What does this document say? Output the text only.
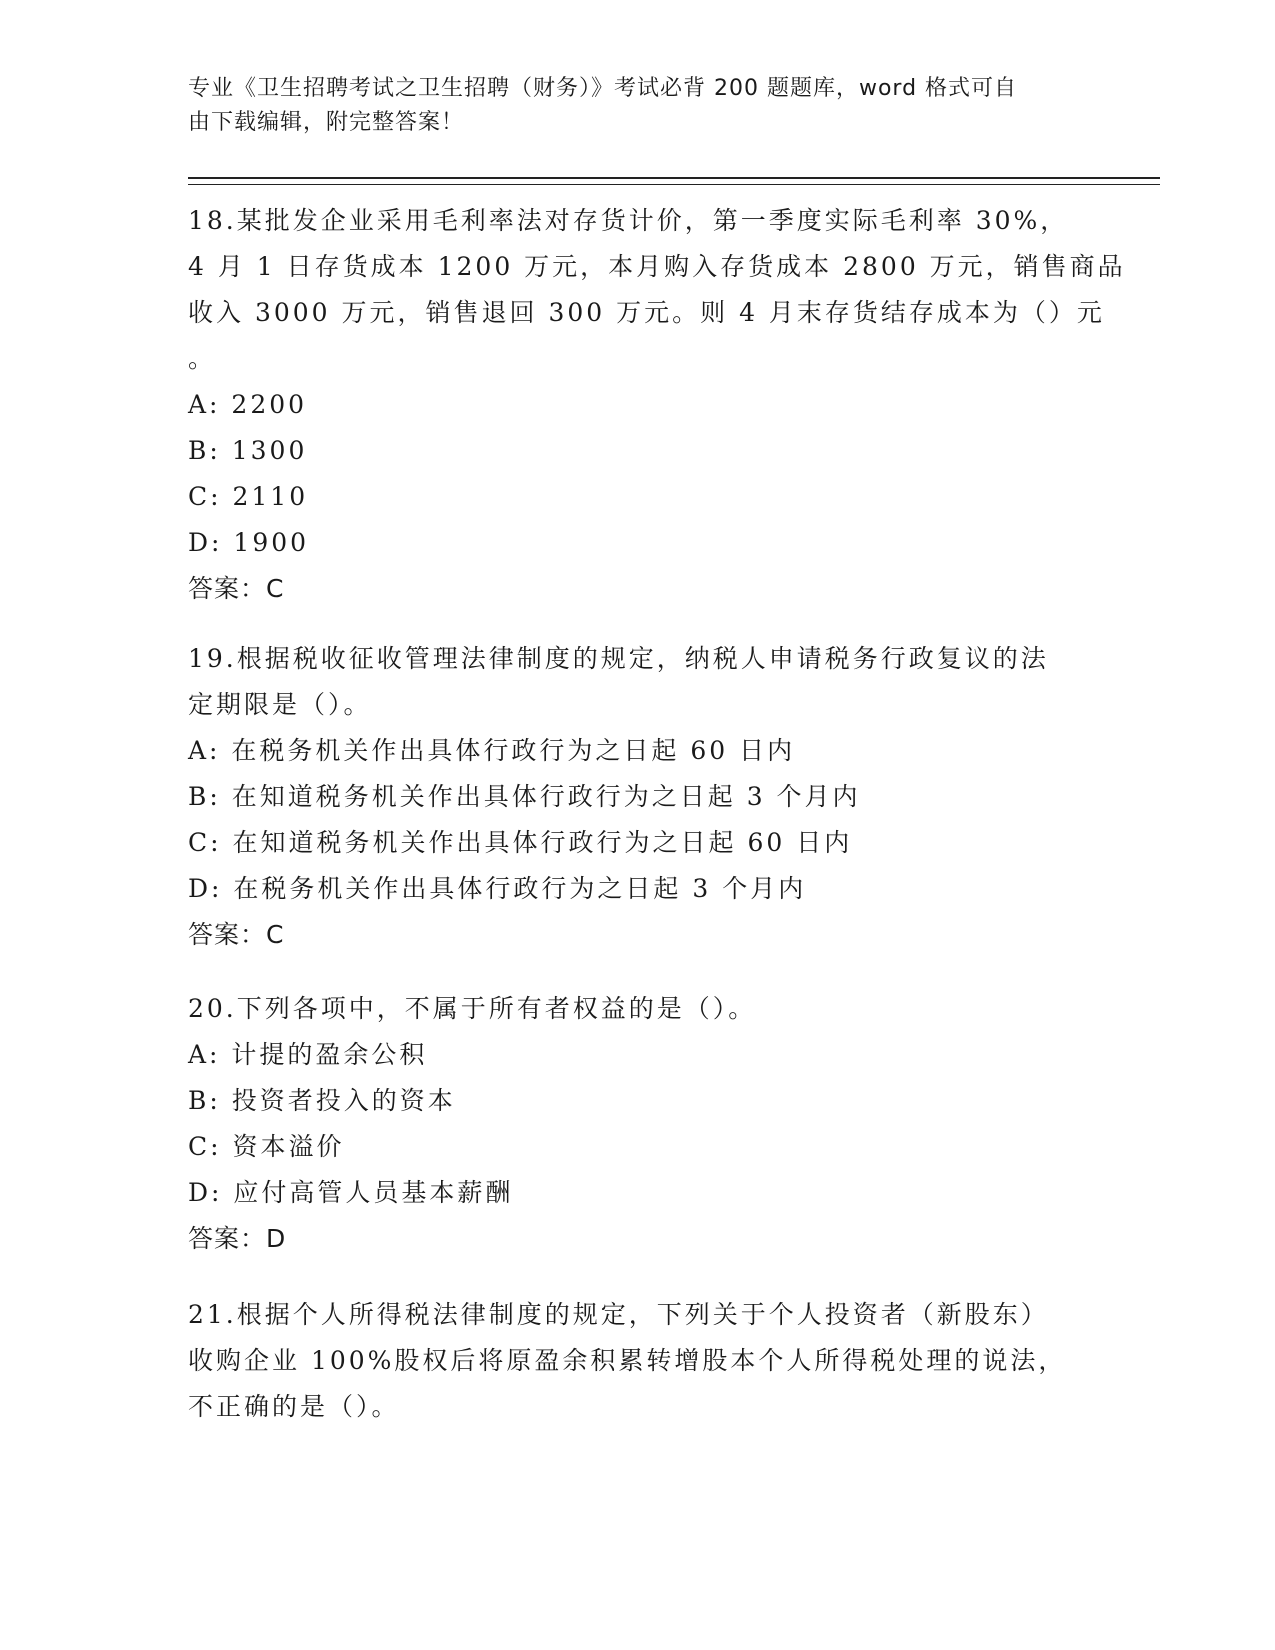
专业《卫生招聘考试之卫生招聘（财务）》考试必背 200 题题库，word 格式可自
由下载编辑，附完整答案！
18.某批发企业采用毛利率法对存货计价，第一季度实际毛利率 30%，
4 月 1 日存货成本 1200 万元，本月购入存货成本 2800 万元，销售商品
收入 3000 万元，销售退回 300 万元。则 4 月末存货结存成本为（）元
。
A: 2200
B: 1300
C: 2110
D: 1900
答案：C
19.根据税收征收管理法律制度的规定，纳税人申请税务行政复议的法
定期限是（）。
A: 在税务机关作出具体行政行为之日起 60 日内
B: 在知道税务机关作出具体行政行为之日起 3 个月内
C: 在知道税务机关作出具体行政行为之日起 60 日内
D: 在税务机关作出具体行政行为之日起 3 个月内
答案：C
20.下列各项中，不属于所有者权益的是（）。
A: 计提的盈余公积
B: 投资者投入的资本
C: 资本溢价
D: 应付高管人员基本薪酬
答案：D
21.根据个人所得税法律制度的规定，下列关于个人投资者（新股东）
收购企业 100%股权后将原盈余积累转增股本个人所得税处理的说法，
不正确的是（）。
